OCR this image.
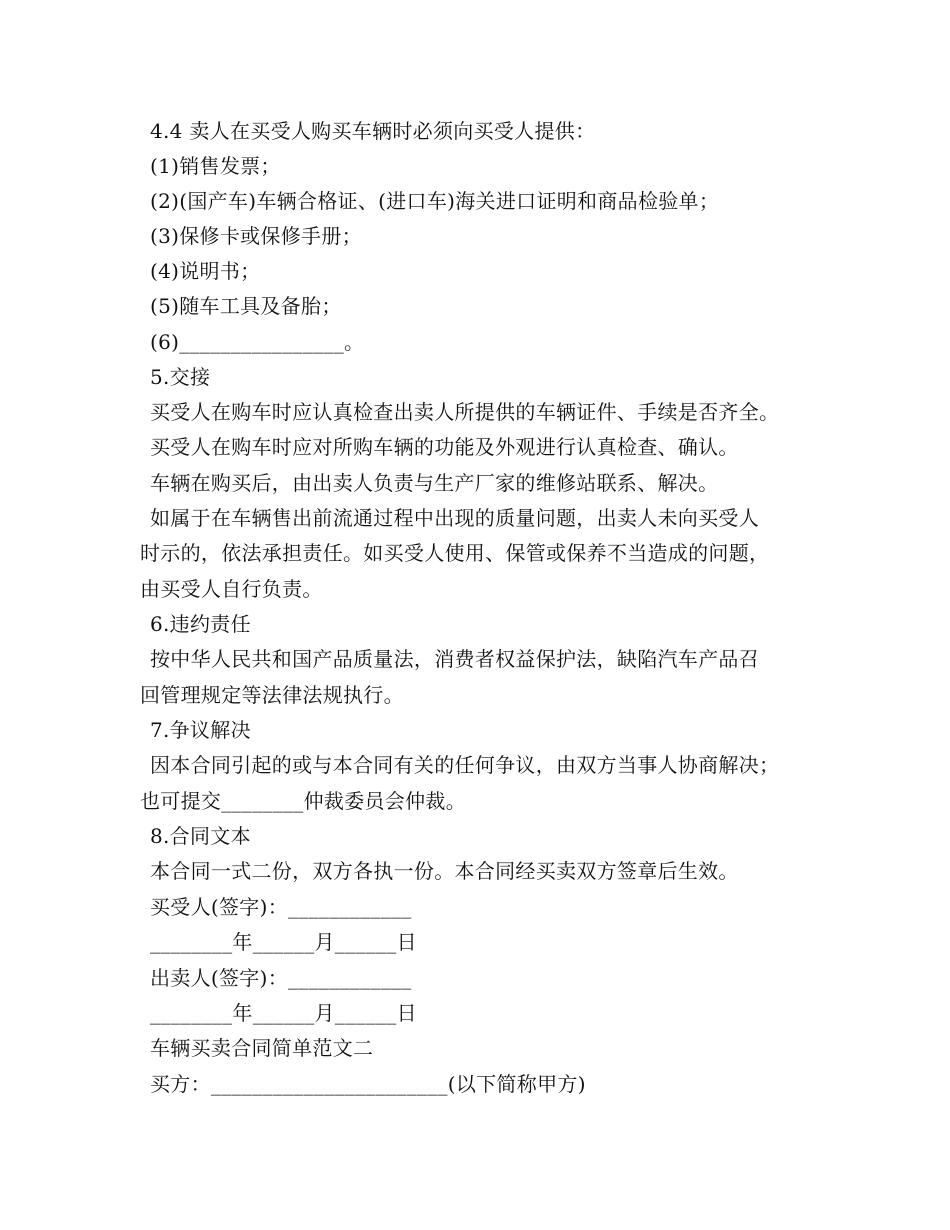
4.4 卖人在买受人购买车辆时必须向买受人提供：
(1)销售发票；
(2)(国产车)车辆合格证、(进口车)海关进口证明和商品检验单；
(3)保修卡或保修手册；
(4)说明书；
(5)随车工具及备胎；
(6)________________。
5.交接
买受人在购车时应认真检查出卖人所提供的车辆证件、手续是否齐全。
买受人在购车时应对所购车辆的功能及外观进行认真检查、确认。
车辆在购买后，由出卖人负责与生产厂家的维修站联系、解决。
如属于在车辆售出前流通过程中出现的质量问题，出卖人未向买受人
时示的，依法承担责任。如买受人使用、保管或保养不当造成的问题，
由买受人自行负责。
6.违约责任
按中华人民共和国产品质量法，消费者权益保护法，缺陷汽车产品召
回管理规定等法律法规执行。
7.争议解决
因本合同引起的或与本合同有关的任何争议，由双方当事人协商解决；
也可提交________仲裁委员会仲裁。
8.合同文本
本合同一式二份，双方各执一份。本合同经买卖双方签章后生效。
买受人(签字)：____________
________年______月______日
出卖人(签字)：____________
________年______月______日
车辆买卖合同简单范文二
买方：_______________________(以下简称甲方)
